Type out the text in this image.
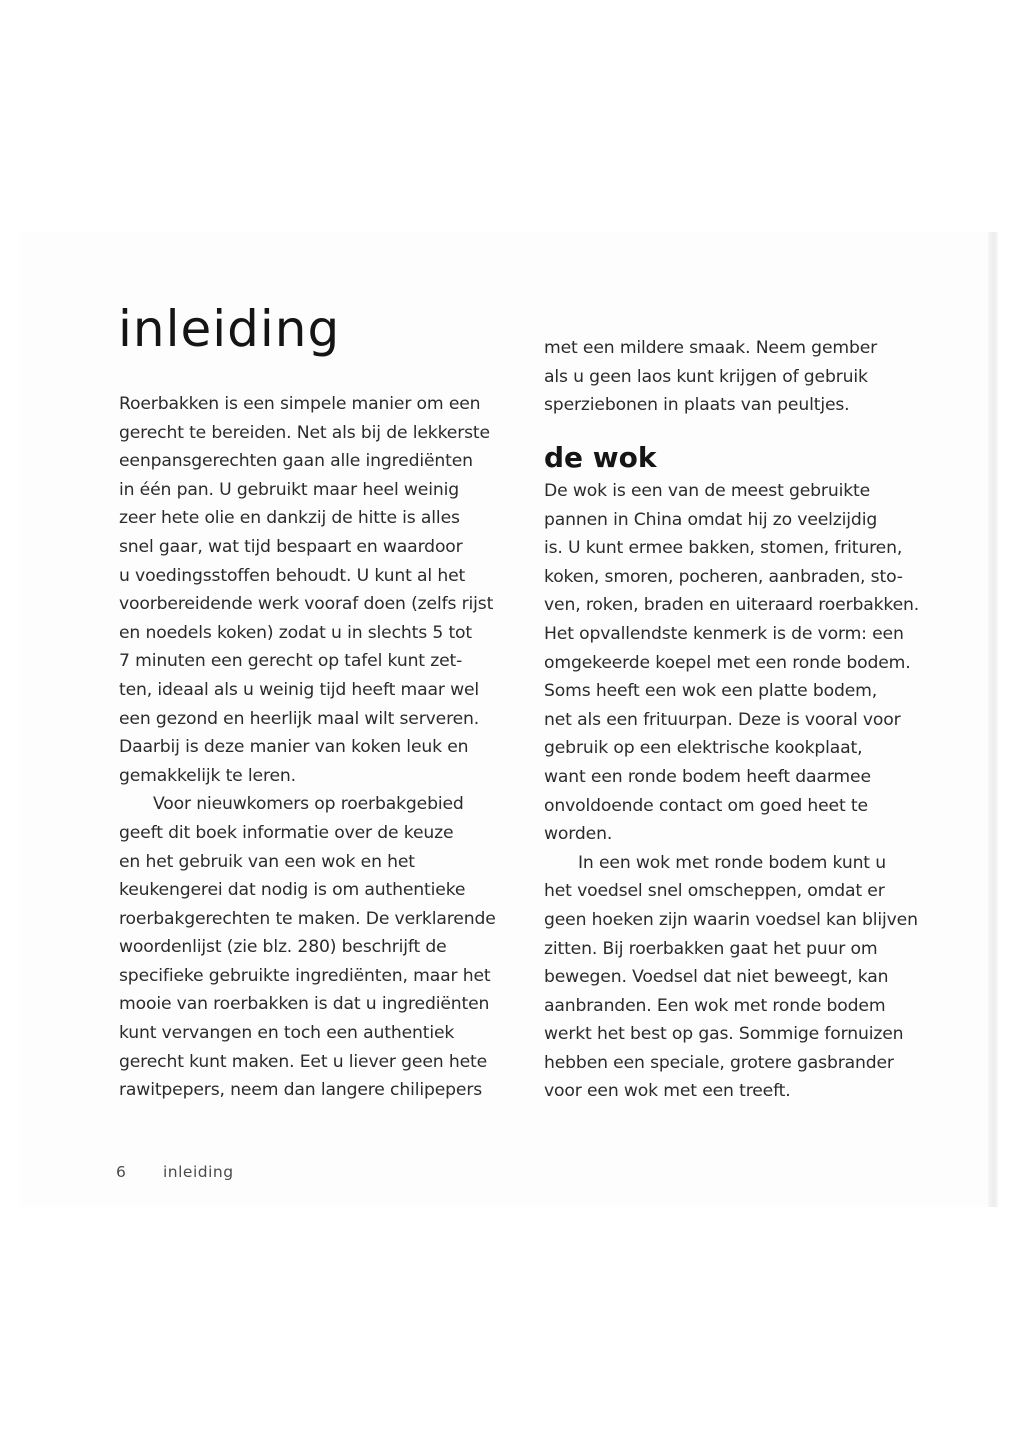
inleiding
Roerbakken is een simpele manier om een
gerecht te bereiden. Net als bij de lekkerste
eenpansgerechten gaan alle ingrediënten
in één pan. U gebruikt maar heel weinig
zeer hete olie en dankzij de hitte is alles
snel gaar, wat tijd bespaart en waardoor
u voedingsstoffen behoudt. U kunt al het
voorbereidende werk vooraf doen (zelfs rijst
en noedels koken) zodat u in slechts 5 tot
7 minuten een gerecht op tafel kunt zet-
ten, ideaal als u weinig tijd heeft maar wel
een gezond en heerlijk maal wilt serveren.
Daarbij is deze manier van koken leuk en
gemakkelijk te leren.
Voor nieuwkomers op roerbakgebied
geeft dit boek informatie over de keuze
en het gebruik van een wok en het
keukengerei dat nodig is om authentieke
roerbakgerechten te maken. De verklarende
woordenlijst (zie blz. 280) beschrijft de
specifieke gebruikte ingrediënten, maar het
mooie van roerbakken is dat u ingrediënten
kunt vervangen en toch een authentiek
gerecht kunt maken. Eet u liever geen hete
rawitpepers, neem dan langere chilipepers
met een mildere smaak. Neem gember
als u geen laos kunt krijgen of gebruik
sperziebonen in plaats van peultjes.
de wok
De wok is een van de meest gebruikte
pannen in China omdat hij zo veelzijdig
is. U kunt ermee bakken, stomen, frituren,
koken, smoren, pocheren, aanbraden, sto-
ven, roken, braden en uiteraard roerbakken.
Het opvallendste kenmerk is de vorm: een
omgekeerde koepel met een ronde bodem.
Soms heeft een wok een platte bodem,
net als een frituurpan. Deze is vooral voor
gebruik op een elektrische kookplaat,
want een ronde bodem heeft daarmee
onvoldoende contact om goed heet te
worden.
In een wok met ronde bodem kunt u
het voedsel snel omscheppen, omdat er
geen hoeken zijn waarin voedsel kan blijven
zitten. Bij roerbakken gaat het puur om
bewegen. Voedsel dat niet beweegt, kan
aanbranden. Een wok met ronde bodem
werkt het best op gas. Sommige fornuizen
hebben een speciale, grotere gasbrander
voor een wok met een treeft.
6 inleiding
